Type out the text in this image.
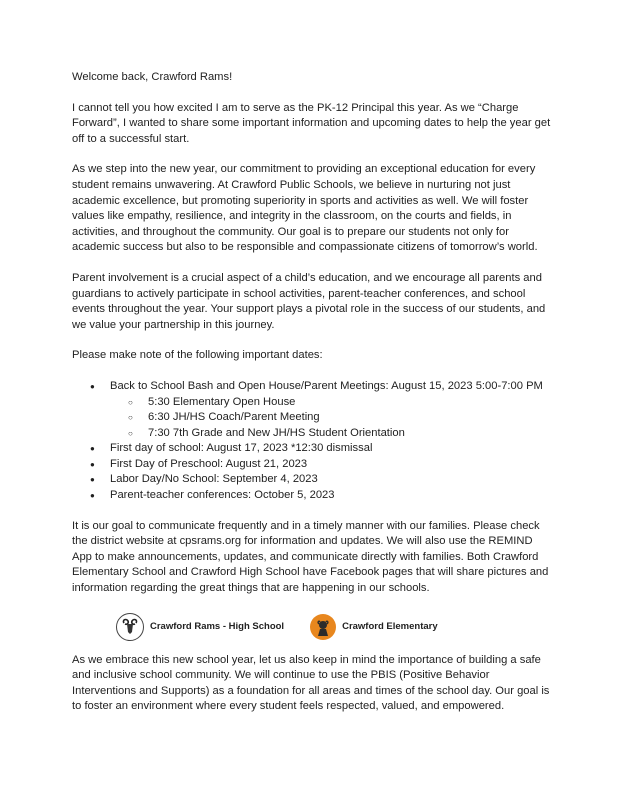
Welcome back, Crawford Rams!

I cannot tell you how excited I am to serve as the PK-12 Principal this year. As we “Charge Forward”, I wanted to share some important information and upcoming dates to help the year get off to a successful start.

As we step into the new year, our commitment to providing an exceptional education for every student remains unwavering. At Crawford Public Schools, we believe in nurturing not just academic excellence, but promoting superiority in sports and activities as well. We will foster values like empathy, resilience, and integrity in the classroom, on the courts and fields, in activities, and throughout the community. Our goal is to prepare our students not only for academic success but also to be responsible and compassionate citizens of tomorrow’s world.

Parent involvement is a crucial aspect of a child’s education, and we encourage all parents and guardians to actively participate in school activities, parent-teacher conferences, and school events throughout the year. Your support plays a pivotal role in the success of our students, and we value your partnership in this journey.

Please make note of the following important dates:

● Back to School Bash and Open House/Parent Meetings: August 15, 2023 5:00-7:00 PM
○ 5:30 Elementary Open House
○ 6:30 JH/HS Coach/Parent Meeting
○ 7:30 7th Grade and New JH/HS Student Orientation
● First day of school: August 17, 2023 *12:30 dismissal
● First Day of Preschool: August 21, 2023
● Labor Day/No School: September 4, 2023
● Parent-teacher conferences: October 5, 2023

It is our goal to communicate frequently and in a timely manner with our families. Please check the district website at cpsrams.org for information and updates. We will also use the REMIND App to make announcements, updates, and communicate directly with families. Both Crawford Elementary School and Crawford High School have Facebook pages that will share pictures and information regarding the great things that are happening in our schools.

Crawford Rams - High School	Crawford Elementary

As we embrace this new school year, let us also keep in mind the importance of building a safe and inclusive school community. We will continue to use the PBIS (Positive Behavior Interventions and Supports) as a foundation for all areas and times of the school day. Our goal is to foster an environment where every student feels respected, valued, and empowered.
